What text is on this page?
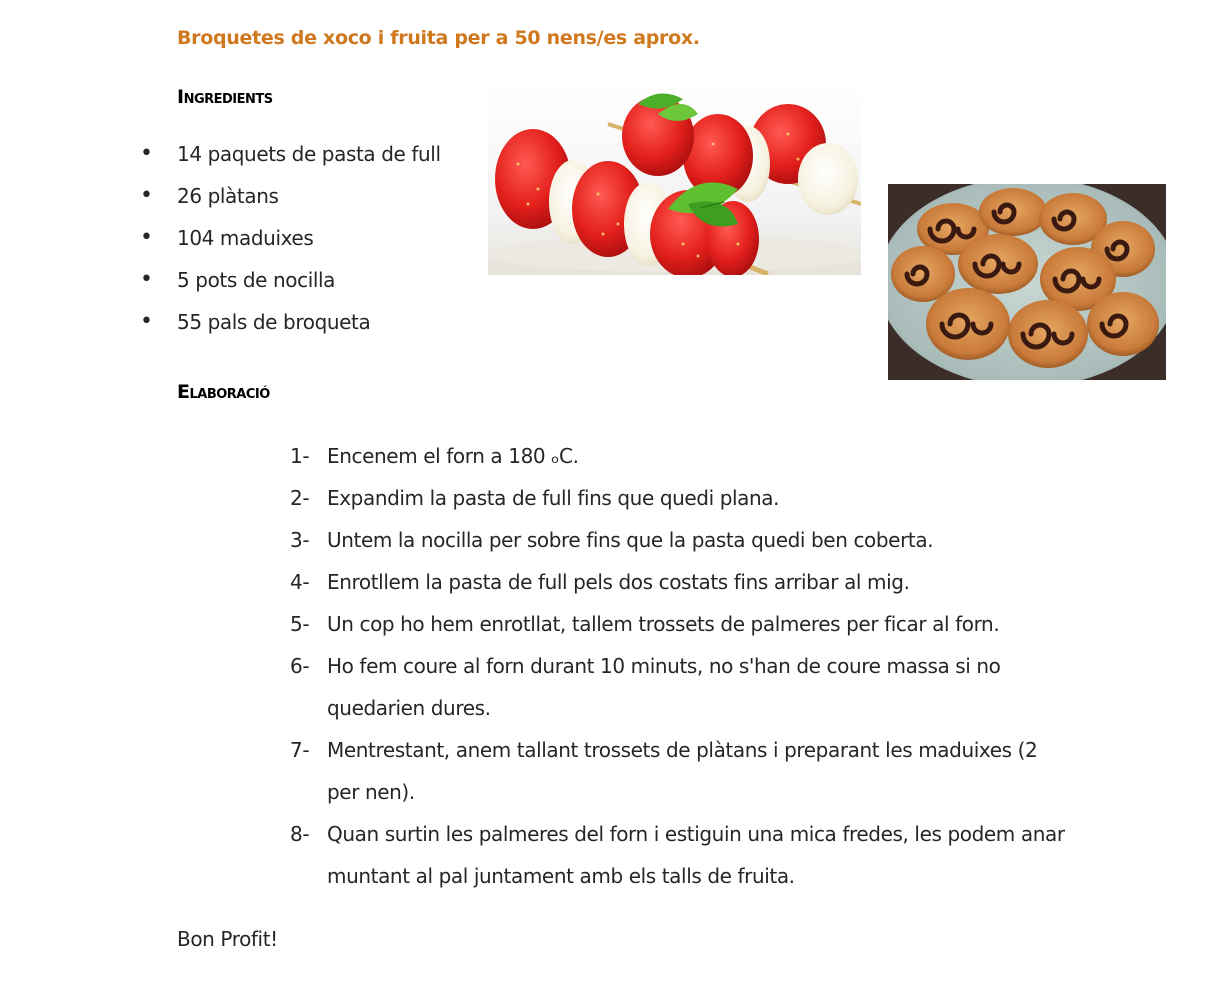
Broquetes de xoco i fruita per a 50 nens/es aprox.
Ingredients
• 14 paquets de pasta de full
• 26 plàtans
• 104 maduixes
• 5 pots de nocilla
• 55 pals de broqueta
Elaboració
1- Encenem el forn a 180 ₒC.
2- Expandim la pasta de full fins que quedi plana.
3- Untem la nocilla per sobre fins que la pasta quedi ben coberta.
4- Enrotllem la pasta de full pels dos costats fins arribar al mig.
5- Un cop ho hem enrotllat, tallem trossets de palmeres per ficar al forn.
6- Ho fem coure al forn durant 10 minuts, no s'han de coure massa si no quedarien dures.
7- Mentrestant, anem tallant trossets de plàtans i preparant les maduixes (2 per nen).
8- Quan surtin les palmeres del forn i estiguin una mica fredes, les podem anar muntant al pal juntament amb els talls de fruita.
Bon Profit!
